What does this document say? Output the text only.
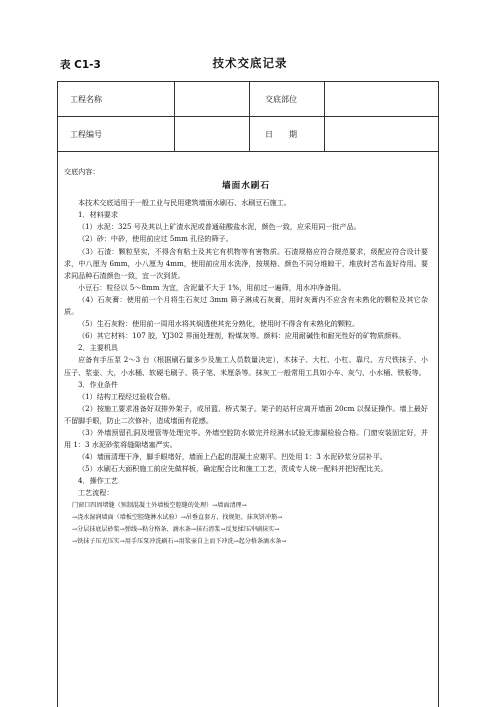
表 C1-3	技术交底记录
工程名称	交底部位
工程编号	日　　期

交底内容：

墙面水刷石

本技术交底适用于一般工业与民用建筑墙面水刷石、水刷豆石施工。

1．材料要求

（1）水泥：325 号及其以上矿渣水泥或普通硅酸盐水泥，颜色一致，应采用同一批产品。

（2）砂：中砂，使用前应过 5mm 孔径的筛子。

（3）石渣：颗粒坚实，不得含有粘土及其它有机物等有害物质。石渣规格应符合规范要求，级配应符合设计要求，中八厘为 6mm，小八厘为 4mm，使用前应用水洗净，按规格、颜色不同分堆晾干，堆放时苫布盖好待用。要求同品种石渣颜色一致，宜一次到货。

小豆石：粒径以 5～8mm 为宜，含泥量不大于 1%，用前过一遍筛，用水冲净备用。

（4）石灰膏：使用前一个月将生石灰过 3mm 筛子淋成石灰膏，用时灰膏内不应含有未熟化的颗粒及其它杂质。

（5）生石灰粉：使用前一周用水将其焖透使其充分熟化，使用时不得含有未熟化的颗粒。

（6）其它材料：107 胶，YJ302 界面处理剂，粉煤灰等。颜料：应用耐碱性和耐光性好的矿物质颜料。

2．主要机具

应备有手压泵 2～3 台（根据刷石量多少及施工人员数量决定），木抹子、大杠、小杠、靠尺、方尺铁抹子、小压子、浆壶、大，小水桶、软硬毛刷子、筷子笔、米厘条等。抹灰工一般常用工具如小车、灰勺、小水桶、铁板等。

3．作业条件

（1）结构工程经过验收合格。

（2）按施工要求准备好双排外架子，或吊篮、桥式架子。架子的站杆应离开墙面 20cm 以保证操作。墙上最好不留脚手眼，防止二次修补，造成墙面有花感。

（3）外墙预留孔洞及埋管等处理完毕。外墙空腔防水做完并经淋水试验无渗漏检验合格。门窗安装固定好，并用 1：3 水泥砂浆将缝隙堵塞严实。

（4）墙面清理干净，脚手眼堵好，墙面上凸起的混凝土应剔平。凹处用 1：3 水泥砂浆分层补平。

（5）水刷石大面积施工前应先做样板，确定配合比和施工工艺，责成专人统一配料并把好配比关。

4．操作工艺

工艺流程：

门窗口四周堵缝（预制混凝土外墙板空腔缝的处理）→墙面清理→

→浇水湿润墙面（墙板空腔缝淋水试验）→吊垂直套方、找规矩、抹灰饼冲筋→

→分层抹底层砂浆→弹线→粘分格条、滴水条→抹石渣浆→反复揉压冲刷抹实→

→铁抹子压光压实→用手压泵冲洗刷石→用浆壶自上而下冲洗→起分格条滴水条→
